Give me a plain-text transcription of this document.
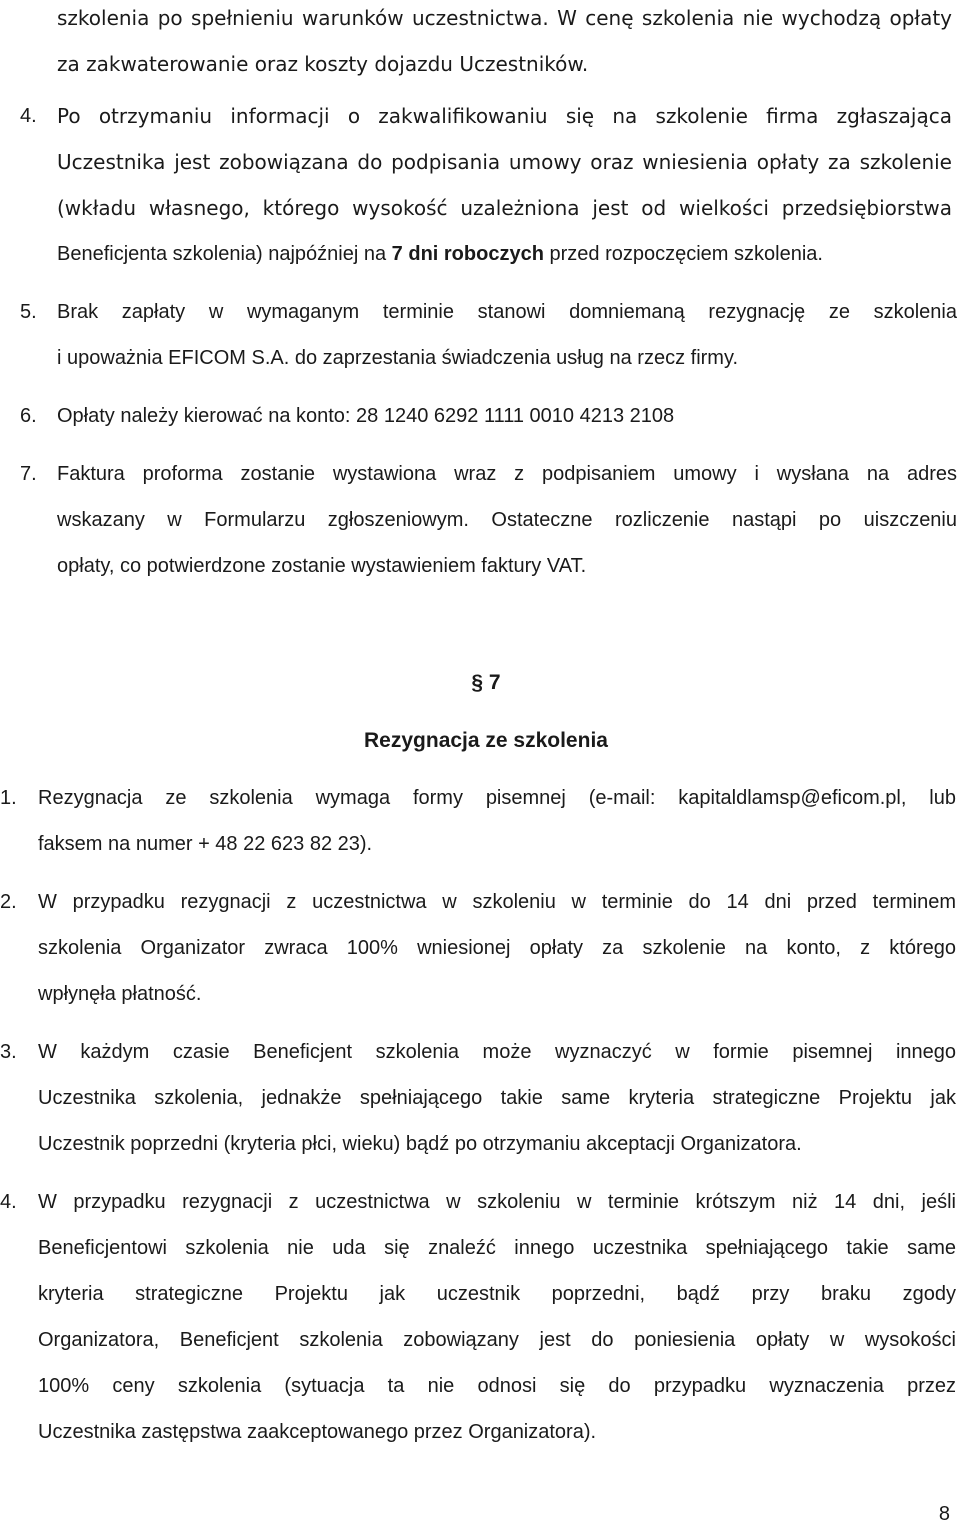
szkolenia po spełnieniu warunków uczestnictwa. W cenę szkolenia nie wychodzą opłaty
za zakwaterowanie oraz koszty dojazdu Uczestników.
4. Po otrzymaniu informacji o zakwalifikowaniu się na szkolenie firma zgłaszająca
Uczestnika jest zobowiązana do podpisania umowy oraz wniesienia opłaty za szkolenie
(wkładu własnego, którego wysokość uzależniona jest od wielkości przedsiębiorstwa
Beneficjenta szkolenia) najpóźniej na 7 dni roboczych przed rozpoczęciem szkolenia.
5. Brak zapłaty w wymaganym terminie stanowi domniemaną rezygnację ze szkolenia
i upoważnia EFICOM S.A. do zaprzestania świadczenia usług na rzecz firmy.
6. Opłaty należy kierować na konto: 28 1240 6292 1111 0010 4213 2108
7. Faktura proforma zostanie wystawiona wraz z podpisaniem umowy i wysłana na adres
wskazany w Formularzu zgłoszeniowym. Ostateczne rozliczenie nastąpi po uiszczeniu
opłaty, co potwierdzone zostanie wystawieniem faktury VAT.
§ 7
Rezygnacja ze szkolenia
1. Rezygnacja ze szkolenia wymaga formy pisemnej (e-mail: kapitaldlamsp@eficom.pl, lub
faksem na numer + 48 22 623 82 23).
2. W przypadku rezygnacji z uczestnictwa w szkoleniu w terminie do 14 dni przed terminem
szkolenia Organizator zwraca 100% wniesionej opłaty za szkolenie na konto, z którego
wpłynęła płatność.
3. W każdym czasie Beneficjent szkolenia może wyznaczyć w formie pisemnej innego
Uczestnika szkolenia, jednakże spełniającego takie same kryteria strategiczne Projektu jak
Uczestnik poprzedni (kryteria płci, wieku) bądź po otrzymaniu akceptacji Organizatora.
4. W przypadku rezygnacji z uczestnictwa w szkoleniu w terminie krótszym niż 14 dni, jeśli
Beneficjentowi szkolenia nie uda się znaleźć innego uczestnika spełniającego takie same
kryteria strategiczne Projektu jak uczestnik poprzedni, bądź przy braku zgody
Organizatora, Beneficjent szkolenia zobowiązany jest do poniesienia opłaty w wysokości
100% ceny szkolenia (sytuacja ta nie odnosi się do przypadku wyznaczenia przez
Uczestnika zastępstwa zaakceptowanego przez Organizatora).
8
